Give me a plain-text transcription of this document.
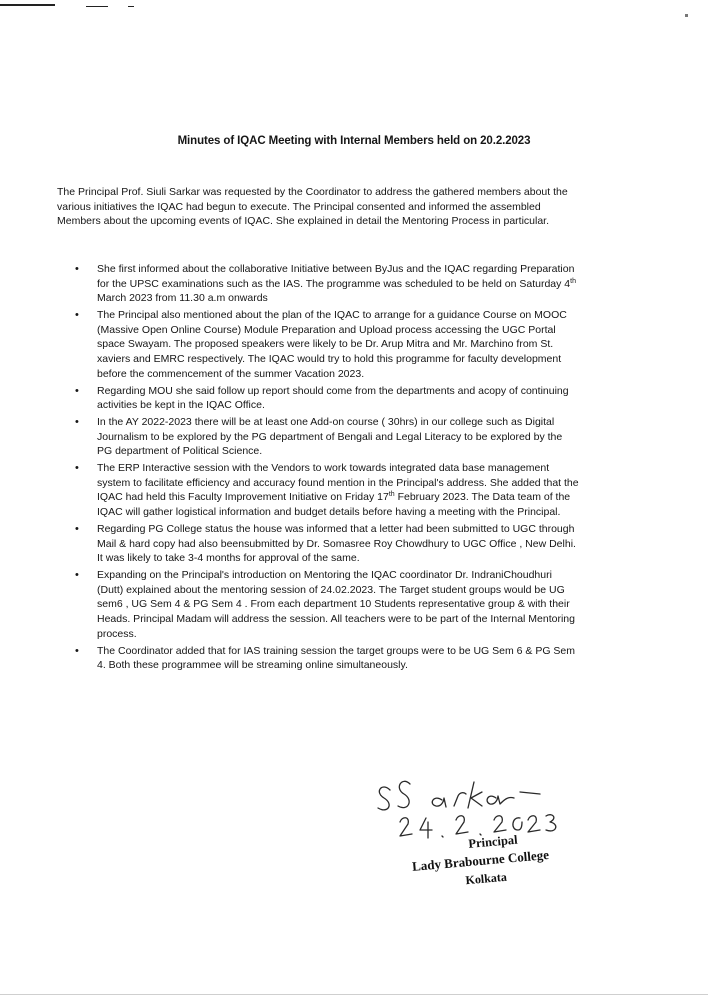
Minutes of IQAC Meeting with Internal Members held on 20.2.2023

The Principal Prof. Siuli Sarkar was requested by the Coordinator to address the gathered members about the various initiatives the IQAC had begun to execute. The Principal consented and informed the assembled Members about the upcoming events of IQAC. She explained in detail the Mentoring Process in particular.

• She first informed about the collaborative Initiative between ByJus and the IQAC regarding Preparation for the UPSC examinations such as the IAS. The programme was scheduled to be held on Saturday 4th March 2023 from 11.30 a.m onwards
• The Principal also mentioned about the plan of the IQAC to arrange for a guidance Course on MOOC (Massive Open Online Course) Module Preparation and Upload process accessing the UGC Portal space Swayam. The proposed speakers were likely to be Dr. Arup Mitra and Mr. Marchino from St. xaviers and EMRC respectively. The IQAC would try to hold this programme for faculty development before the commencement of the summer Vacation 2023.
• Regarding MOU she said follow up report should come from the departments and acopy of continuing activities be kept in the IQAC Office.
• In the AY 2022-2023 there will be at least one Add-on course ( 30hrs) in our college such as Digital Journalism to be explored by the PG department of Bengali and Legal Literacy to be explored by the PG department of Political Science.
• The ERP Interactive session with the Vendors to work towards integrated data base management system to facilitate efficiency and accuracy found mention in the Principal's address. She added that the IQAC had held this Faculty Improvement Initiative on Friday 17th February 2023. The Data team of the IQAC will gather logistical information and budget details before having a meeting with the Principal.
• Regarding PG College status the house was informed that a letter had been submitted to UGC through Mail & hard copy had also beensubmitted by Dr. Somasree Roy Chowdhury to UGC Office , New Delhi. It was likely to take 3-4 months for approval of the same.
• Expanding on the Principal's introduction on Mentoring the IQAC coordinator Dr. IndraniChoudhuri (Dutt) explained about the mentoring session of 24.02.2023. The Target student groups would be UG sem6 , UG Sem 4 & PG Sem 4 . From each department 10 Students representative group & with their Heads. Principal Madam will address the session. All teachers were to be part of the Internal Mentoring process.
• The Coordinator added that for IAS training session the target groups were to be UG Sem 6 & PG Sem 4. Both these programmee will be streaming online simultaneously.
Principal
Lady Brabourne College
Kolkata
